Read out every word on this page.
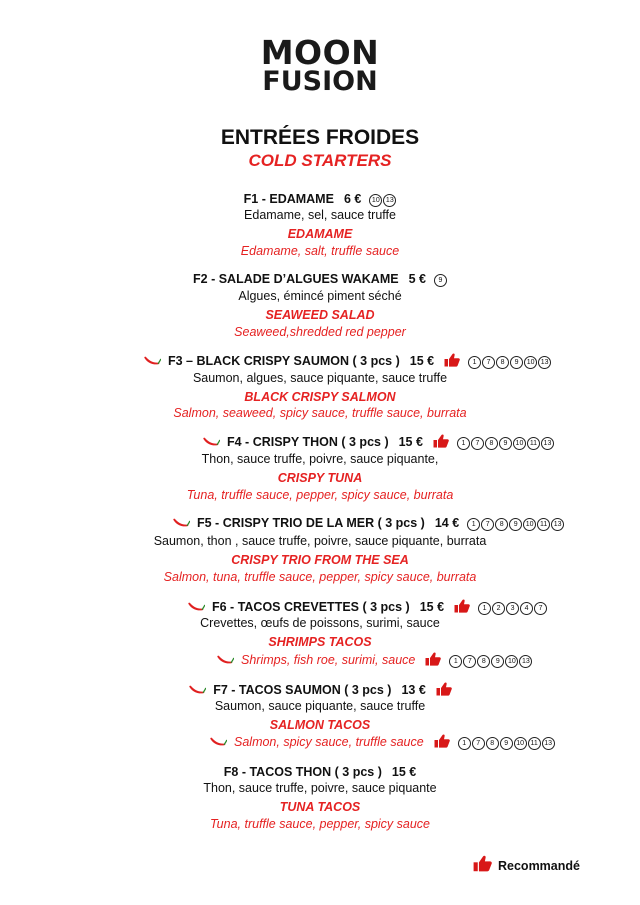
MOON
FUSION
ENTRÉES FROIDES
COLD STARTERS
F1 - EDAMAME 6 €	10 13
Edamame, sel, sauce truffe
EDAMAME
Edamame, salt, truffle sauce
F2 - SALADE D’ALGUES WAKAME 5 €	9
Algues, émincé piment séché
SEAWEED SALAD
Seaweed,shredded red pepper
F3 – BLACK CRISPY SAUMON ( 3 pcs ) 15 €	1	7	8	9	10 13
Saumon, algues, sauce piquante, sauce truffe
BLACK CRISPY SALMON
Salmon, seaweed, spicy sauce, truffle sauce, burrata
F4 - CRISPY THON ( 3 pcs ) 15 €	1	7	8	9	10 11 13
Thon, sauce truffe, poivre, sauce piquante,
CRISPY TUNA
Tuna, truffle sauce, pepper, spicy sauce, burrata
F5 - CRISPY TRIO DE LA MER ( 3 pcs ) 14 €	1	7	8	9	10 11 13
Saumon, thon , sauce truffe, poivre, sauce piquante, burrata
CRISPY TRIO FROM THE SEA
Salmon, tuna, truffle sauce, pepper, spicy sauce, burrata
F6 - TACOS CREVETTES ( 3 pcs ) 15 €	1	2	3	4	7
Crevettes, œufs de poissons, surimi, sauce
SHRIMPS TACOS
Shrimps, fish roe, surimi, sauce	1	7	8	9	10 13
F7 - TACOS SAUMON ( 3 pcs ) 13 €
Saumon, sauce piquante, sauce truffe
SALMON TACOS
Salmon, spicy sauce, truffle sauce	1	7	8	9	10 11 13
F8 - TACOS THON ( 3 pcs ) 15 €
Thon, sauce truffe, poivre, sauce piquante
TUNA TACOS
Tuna, truffle sauce, pepper, spicy sauce
Recommandé
